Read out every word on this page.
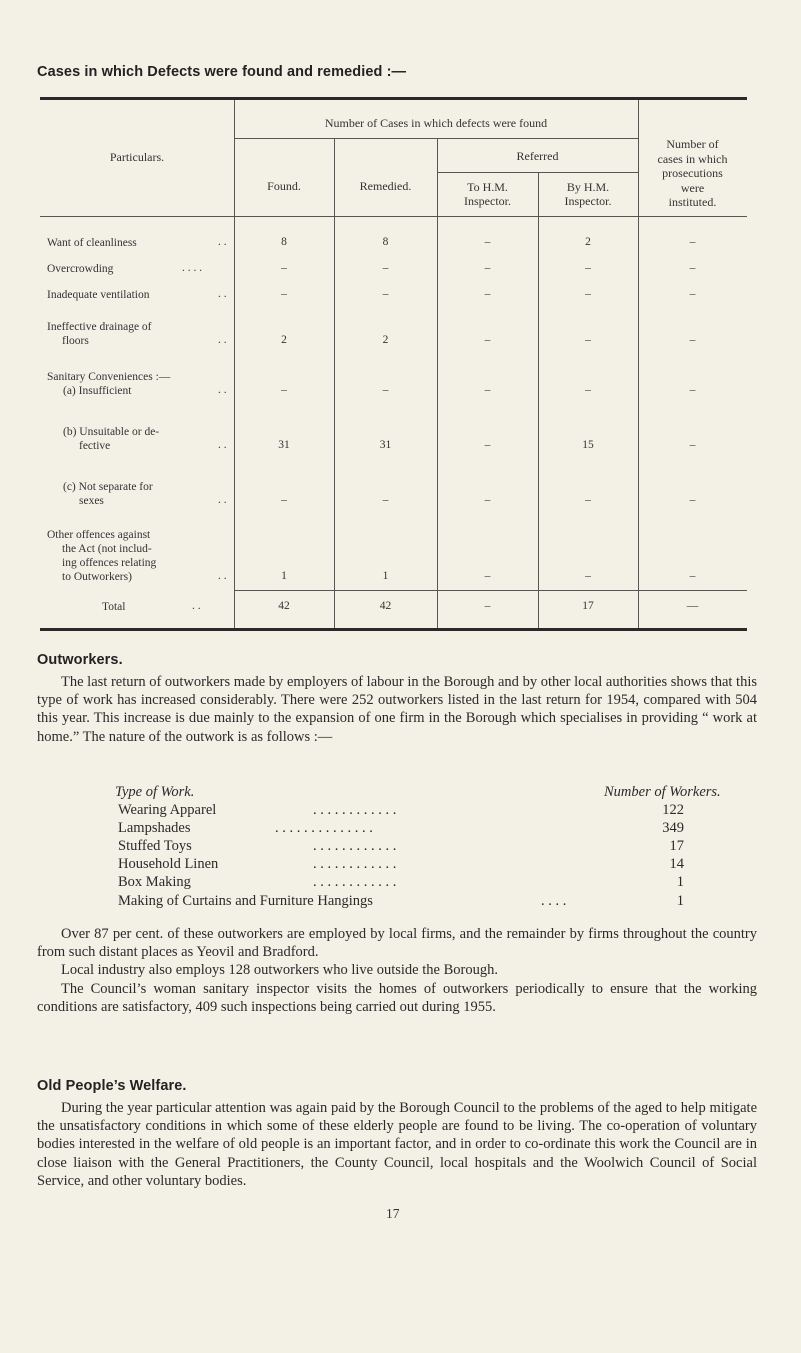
Cases in which Defects were found and remedied :—
Particulars.
Number of Cases in which defects were found
Found.	Remedied.
Referred
To H.M.
Inspector.
By H.M.
Inspector.
Number of
cases in which
prosecutions
were
instituted.
Want of cleanliness	. .	8	8	–	2	–
Overcrowding	. . . .	–	–	–	–	–
Inadequate ventilation	. .	–	–	–	–	–
Ineffective drainage of
floors	. .	2	2	–	–	–
Sanitary Conveniences :—
(a) Insufficient	. .	–	–	–	–	–
(b) Unsuitable or de-
fective	. .	31	31	–	15	–
(c) Not separate for
sexes	. .	–	–	–	–	–
Other offences against
the Act (not includ-
ing offences relating
to Outworkers)	. .	1	1	–	–	–
Total	. .	42	42	–	17	—
Outworkers.

The last return of outworkers made by employers of labour in the Borough and by other local authorities shows that this type of work has increased considerably. There were 252 outworkers listed in the last return for 1954, compared with 504 this year. This increase is due mainly to the expansion of one firm in the Borough which specialises in providing “ work at home.” The nature of the outwork is as follows :—

Type of Work.	Number of Workers.
Wearing Apparel	. . . . . . . . . . . .	122
Lampshades	. . . . . . . . . . . . . .	349
Stuffed Toys	. . . . . . . . . . . .	17
Household Linen	. . . . . . . . . . . .	14
Box Making	. . . . . . . . . . . .	1
Making of Curtains and Furniture Hangings	. . . .	1

Over 87 per cent. of these outworkers are employed by local firms, and the remainder by firms throughout the country from such distant places as Yeovil and Bradford.

Local industry also employs 128 outworkers who live outside the Borough.

The Council’s woman sanitary inspector visits the homes of outworkers periodically to ensure that the working conditions are satisfactory, 409 such inspections being carried out during 1955.

Old People’s Welfare.

During the year particular attention was again paid by the Borough Council to the problems of the aged to help mitigate the unsatisfactory conditions in which some of these elderly people are found to be living. The co-operation of voluntary bodies interested in the welfare of old people is an important factor, and in order to co-ordinate this work the Council are in close liaison with the General Practitioners, the County Council, local hospitals and the Woolwich Council of Social Service, and other voluntary bodies.

17
